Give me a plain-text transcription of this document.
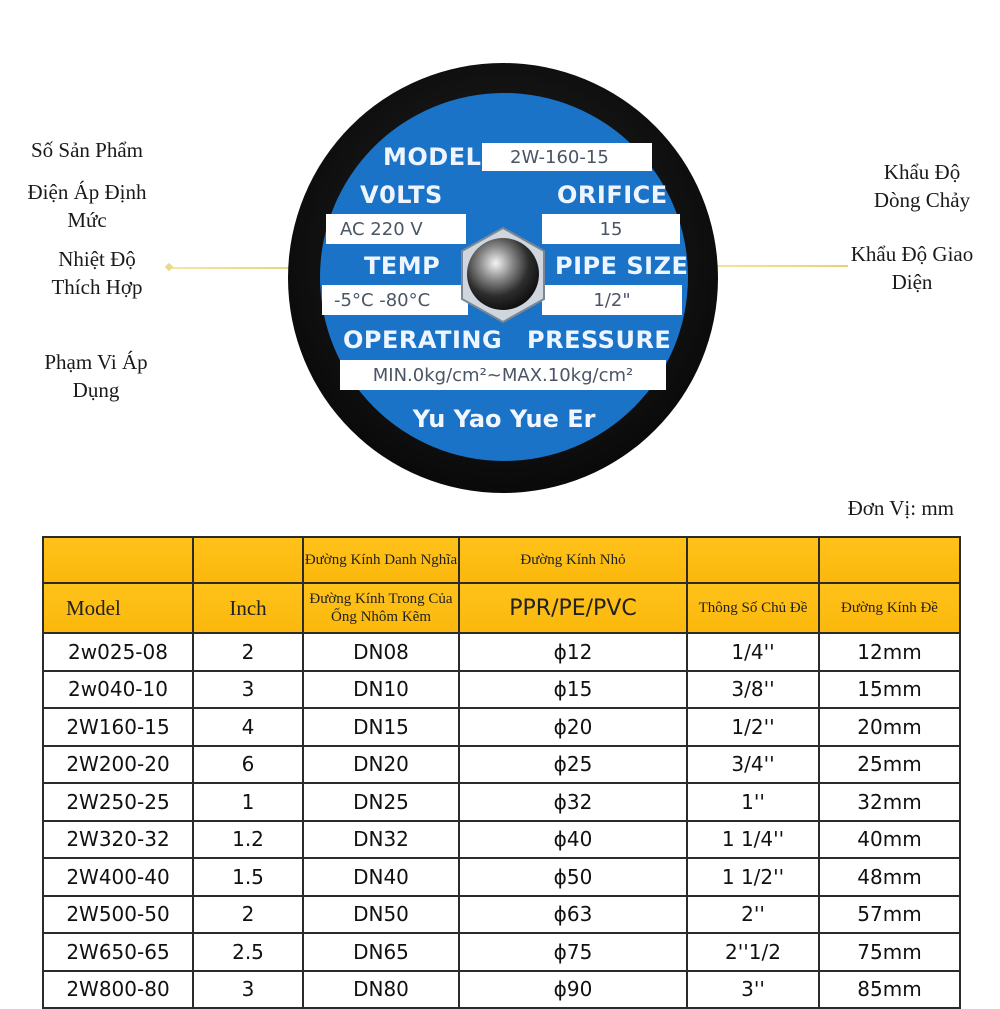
Số Sản Phẩm
Điện Áp Định Mức
Nhiệt Độ Thích Hợp
Phạm Vi Áp Dụng
Khẩu Độ Dòng Chảy
Khẩu Độ Giao Diện
MODEL 2W-160-15
V0LTS	ORIFICE
AC 220 V	15
TEMP	PIPE SIZE
-5°C -80°C	1/2"
OPERATING PRESSURE
MIN.0kg/cm²~MAX.10kg/cm²
Yu Yao Yue Er
Đơn Vị: mm
		Đường Kính Danh Nghĩa	Đường Kính Nhỏ		
Model	Inch	Đường Kính Trong Của Ống Nhôm Kẽm	PPR/PE/PVC	Thông Số Chủ Đề	Đường Kính Đề
2w025-08	2	DN08	ϕ12	1/4''	12mm
2w040-10	3	DN10	ϕ15	3/8''	15mm
2W160-15	4	DN15	ϕ20	1/2''	20mm
2W200-20	6	DN20	ϕ25	3/4''	25mm
2W250-25	1	DN25	ϕ32	1''	32mm
2W320-32	1.2	DN32	ϕ40	1 1/4''	40mm
2W400-40	1.5	DN40	ϕ50	1 1/2''	48mm
2W500-50	2	DN50	ϕ63	2''	57mm
2W650-65	2.5	DN65	ϕ75	2''1/2	75mm
2W800-80	3	DN80	ϕ90	3''	85mm
